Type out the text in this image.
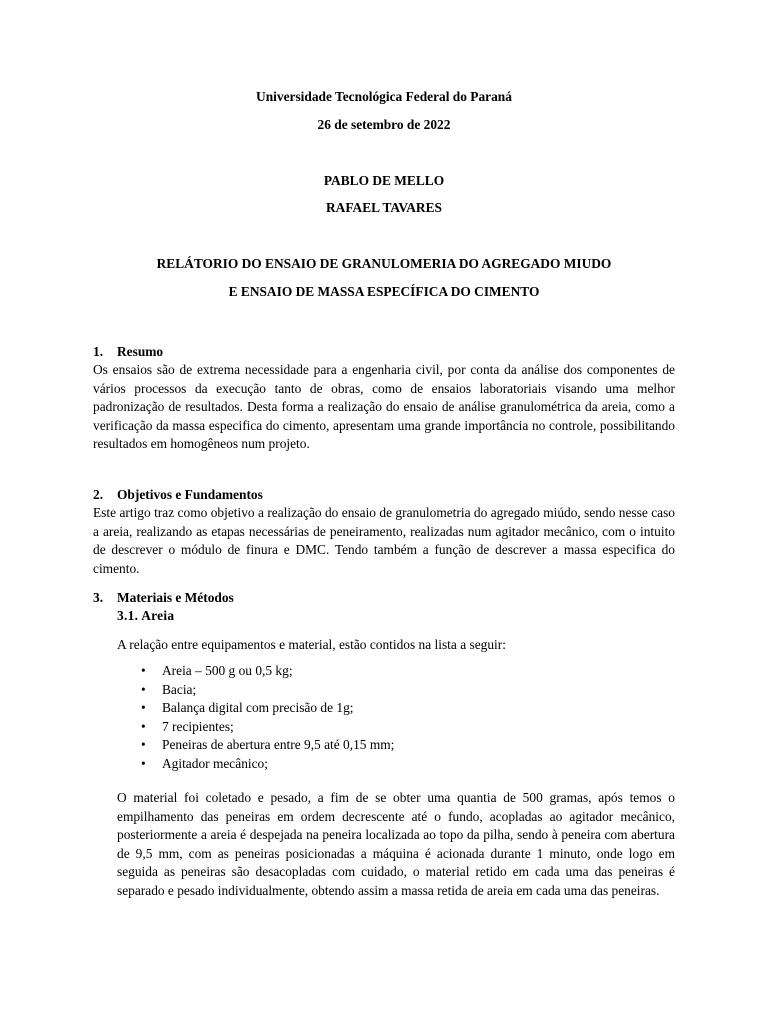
Universidade Tecnológica Federal do Paraná
26 de setembro de 2022
PABLO DE MELLO
RAFAEL TAVARES
RELÁTORIO DO ENSAIO DE GRANULOMERIA DO AGREGADO MIUDO
E ENSAIO DE MASSA ESPECÍFICA DO CIMENTO
1. Resumo
Os ensaios são de extrema necessidade para a engenharia civil, por conta da análise dos componentes de vários processos da execução tanto de obras, como de ensaios laboratoriais visando uma melhor padronização de resultados. Desta forma a realização do ensaio de análise granulométrica da areia, como a verificação da massa especifica do cimento, apresentam uma grande importância no controle, possibilitando resultados em homogêneos num projeto.
2. Objetivos e Fundamentos
Este artigo traz como objetivo a realização do ensaio de granulometria do agregado miúdo, sendo nesse caso a areia, realizando as etapas necessárias de peneiramento, realizadas num agitador mecânico, com o intuito de descrever o módulo de finura e DMC. Tendo também a função de descrever a massa especifica do cimento.
3. Materiais e Métodos
3.1. Areia
A relação entre equipamentos e material, estão contidos na lista a seguir:
• Areia – 500 g ou 0,5 kg;
• Bacia;
• Balança digital com precisão de 1g;
• 7 recipientes;
• Peneiras de abertura entre 9,5 até 0,15 mm;
• Agitador mecânico;
O material foi coletado e pesado, a fim de se obter uma quantia de 500 gramas, após temos o empilhamento das peneiras em ordem decrescente até o fundo, acopladas ao agitador mecânico, posteriormente a areia é despejada na peneira localizada ao topo da pilha, sendo à peneira com abertura de 9,5 mm, com as peneiras posicionadas a máquina é acionada durante 1 minuto, onde logo em seguida as peneiras são desacopladas com cuidado, o material retido em cada uma das peneiras é separado e pesado individualmente, obtendo assim a massa retida de areia em cada uma das peneiras.
